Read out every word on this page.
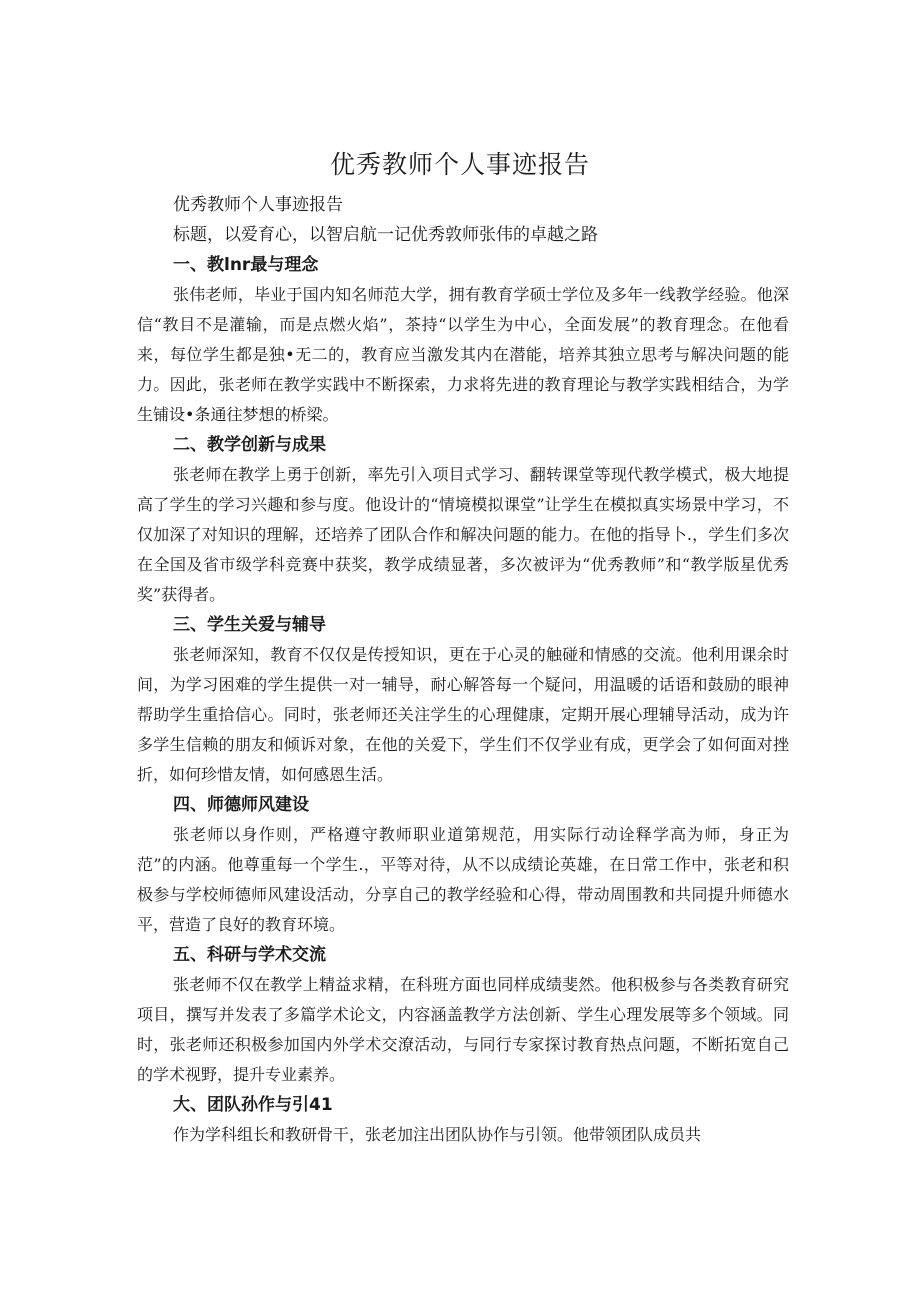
优秀教师个人事迹报告

优秀教师个人事迹报告

标题，以爱育心，以智启航一记优秀敦师张伟的卓越之路

一、教lnr最与理念

张伟老师，毕业于国内知名师范大学，拥有教育学硕士学位及多年一线教学经验。他深信“教目不是灌输，而是点燃火焰”，茶持“以学生为中心，全面发展”的教育理念。在他看来，每位学生都是独•无二的，教育应当激发其内在潜能，培养其独立思考与解决问题的能力。因此，张老师在教学实践中不断探索，力求将先进的教育理论与教学实践相结合，为学生铺设•条通往梦想的桥梁。

二、教学创新与成果

张老师在教学上勇于创新，率先引入项目式学习、翻转课堂等现代教学模式，极大地提高了学生的学习兴趣和参与度。他设计的“情境模拟课堂”让学生在模拟真实场景中学习，不仅加深了对知识的理解，还培养了团队合作和解决问题的能力。在他的指导卜.，学生们多次在全国及省市级学科竞赛中获奖，教学成绩显著，多次被评为“优秀教师”和“教学版星优秀奖”获得者。

三、学生关爱与辅导

张老师深知，教育不仅仅是传授知识，更在于心灵的触碰和情感的交流。他利用课余时间，为学习困难的学生提供一对一辅导，耐心解答每一个疑问，用温暖的话语和鼓励的眼神帮助学生重拾信心。同时，张老师还关注学生的心理健康，定期开展心理辅导活动，成为许多学生信赖的朋友和倾诉对象，在他的关爱下，学生们不仅学业有成，更学会了如何面对挫折，如何珍惜友情，如何感恩生活。

四、师德师风建设

张老师以身作则，严格遵守教师职业道第规范，用实际行动诠释学高为师，身正为范”的内涵。他尊重每一个学生.，平等对待，从不以成绩论英雄，在日常工作中，张老和积极参与学校师德师风建设活动，分享自己的教学经验和心得，带动周围教和共同提升师德水平，营造了良好的教育环境。

五、科研与学术交流

张老师不仅在教学上精益求精，在科班方面也同样成绩斐然。他积极参与各类教育研究项目，撰写并发表了多篇学术论文，内容涵盖教学方法创新、学生心理发展等多个领域。同时，张老师还积极参加国内外学术交潦活动，与同行专家探讨教育热点问题，不断拓宽自己的学术视野，提升专业素养。

大、团队孙作与引41

作为学科组长和教研骨干，张老加注出团队协作与引领。他带领团队成员共
